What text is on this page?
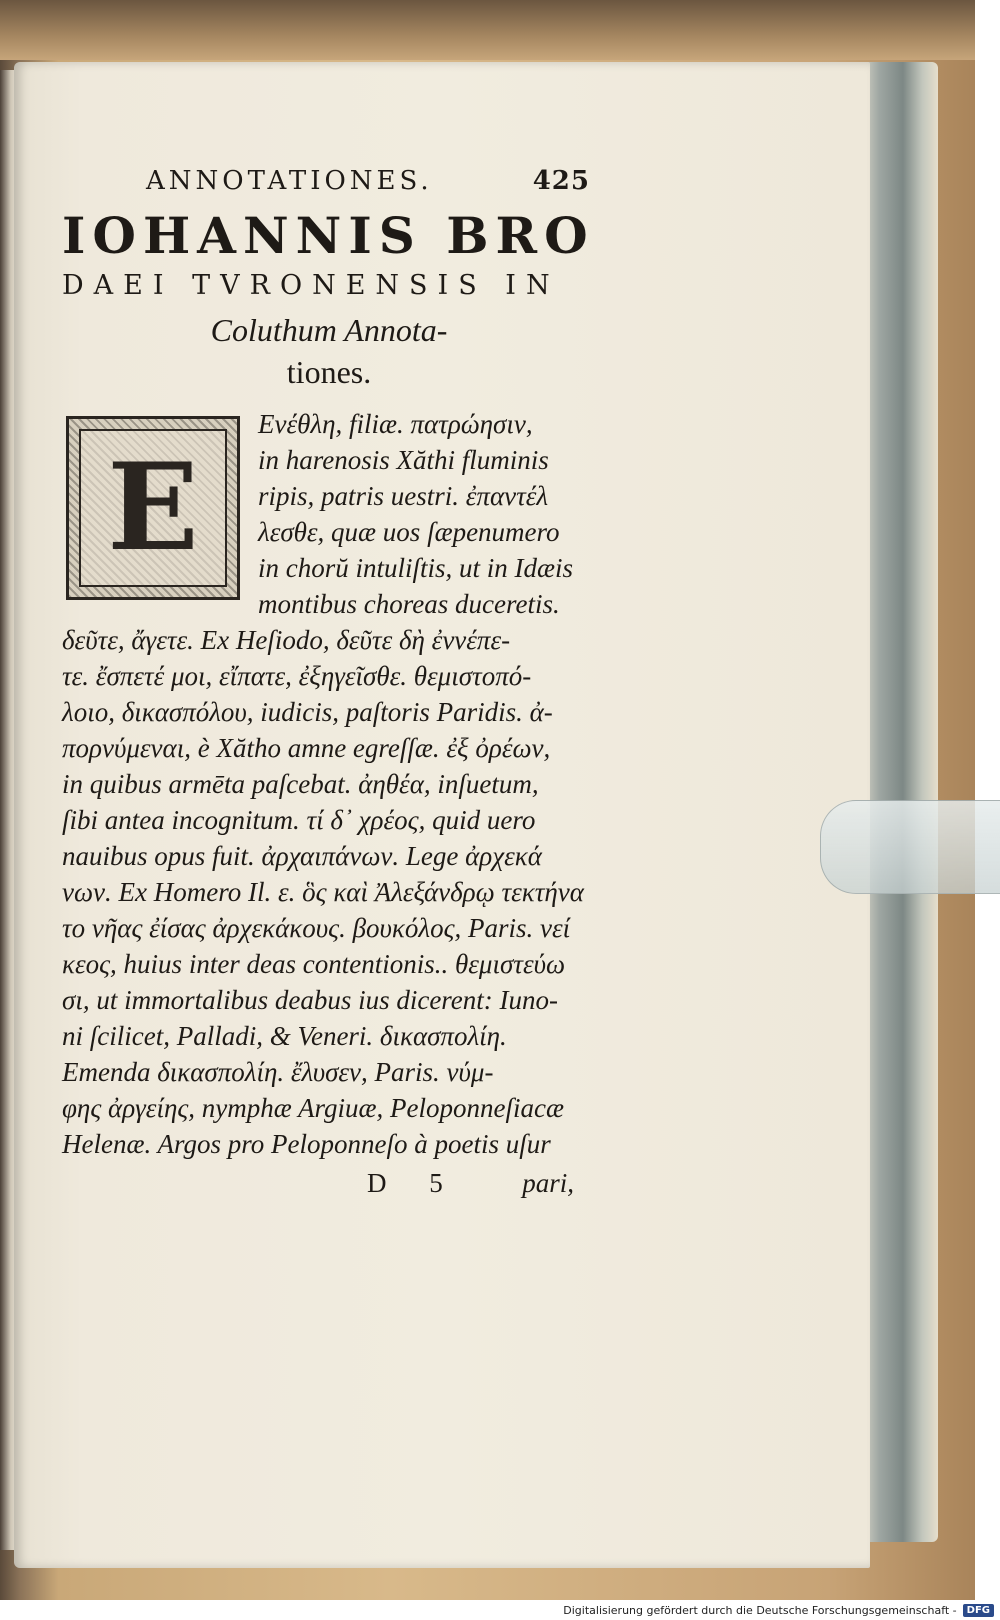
ANNOTATIONES.	425
IOHANNIS BRO
DAEI TVRONENSIS IN
Coluthum Annota-
tiones.
E
Ενέθλη, filiæ. πατρώησιν,
in harenosis Xăthi fluminis
ripis, patris uestri. ἐπαντέλ
λεσθε, quæ uos ſæpenumero
in chorŭ intuliſtis, ut in Idæis
montibus choreas duceretis.
δεῦτε, ἄγετε. Ex Heſiodo, δεῦτε δὴ ἐννέπε-
τε. ἔσπετέ μοι, εἴπατε, ἐξηγεῖσθε. θεμιστοπό-
λοιο, δικασπόλου, iudicis, paſtoris Paridis. ἀ-
πορνύμεναι, è Xăthο amne egreſſæ. ἐξ ὀρέων,
in quibus armēta paſcebat. ἀηθέα, inſuetum,
ſibi antea incognitum. τί δ᾽ χρέος, quid uero
nauibus opus fuit. ἀρχαιπάνων. Lege ἀρχεκά
νων. Ex Homero Il. ε. ὃς καὶ Ἀλεξάνδρῳ τεκτήνα
το νῆας ἐίσας ἀρχεκάκους. βουκόλος, Paris. νεί
κεος, huius inter deas contentionis.. θεμιστεύω
σι, ut immortalibus deabus ius dicerent: Iuno-
ni ſcilicet, Palladi, & Veneri. δικασπολίη.
Emenda δικασπολίη. ἔλυσεν, Paris. νύμ-
φης ἀργείης, nymphæ Argiuæ, Peloponneſiacæ
Helenæ. Argos pro Peloponneſo à poetis uſur
D 5 pari,
Digitalisierung gefördert durch die Deutsche Forschungsgemeinschaft -	DFG
